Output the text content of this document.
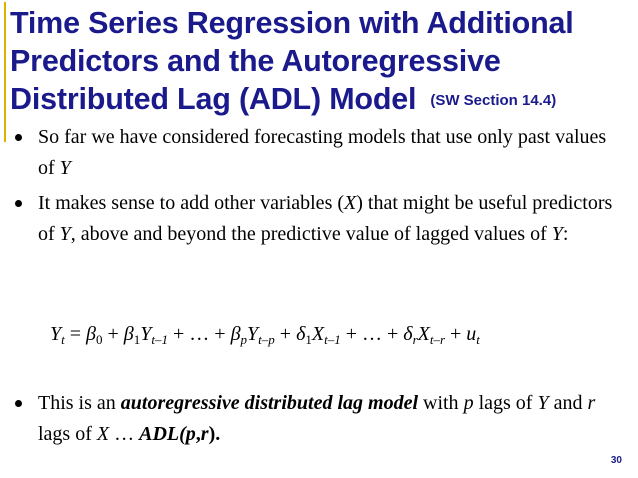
Time Series Regression with Additional Predictors and the Autoregressive Distributed Lag (ADL) Model $^{(SW Section 14.4)}$
So far we have considered forecasting models that use only past values of Y
It makes sense to add other variables (X) that might be useful predictors of Y, above and beyond the predictive value of lagged values of Y:
$Y_t = \beta_0 + \beta_1Y_{t-1}$ + … + $\beta_pY_{t-p} + \delta_1X_{t-1}$ + … + $\delta_rX_{t-r} + u_t$
This is an autoregressive distributed lag model with p lags of Y and r lags of X … ADL(p,r).
30
